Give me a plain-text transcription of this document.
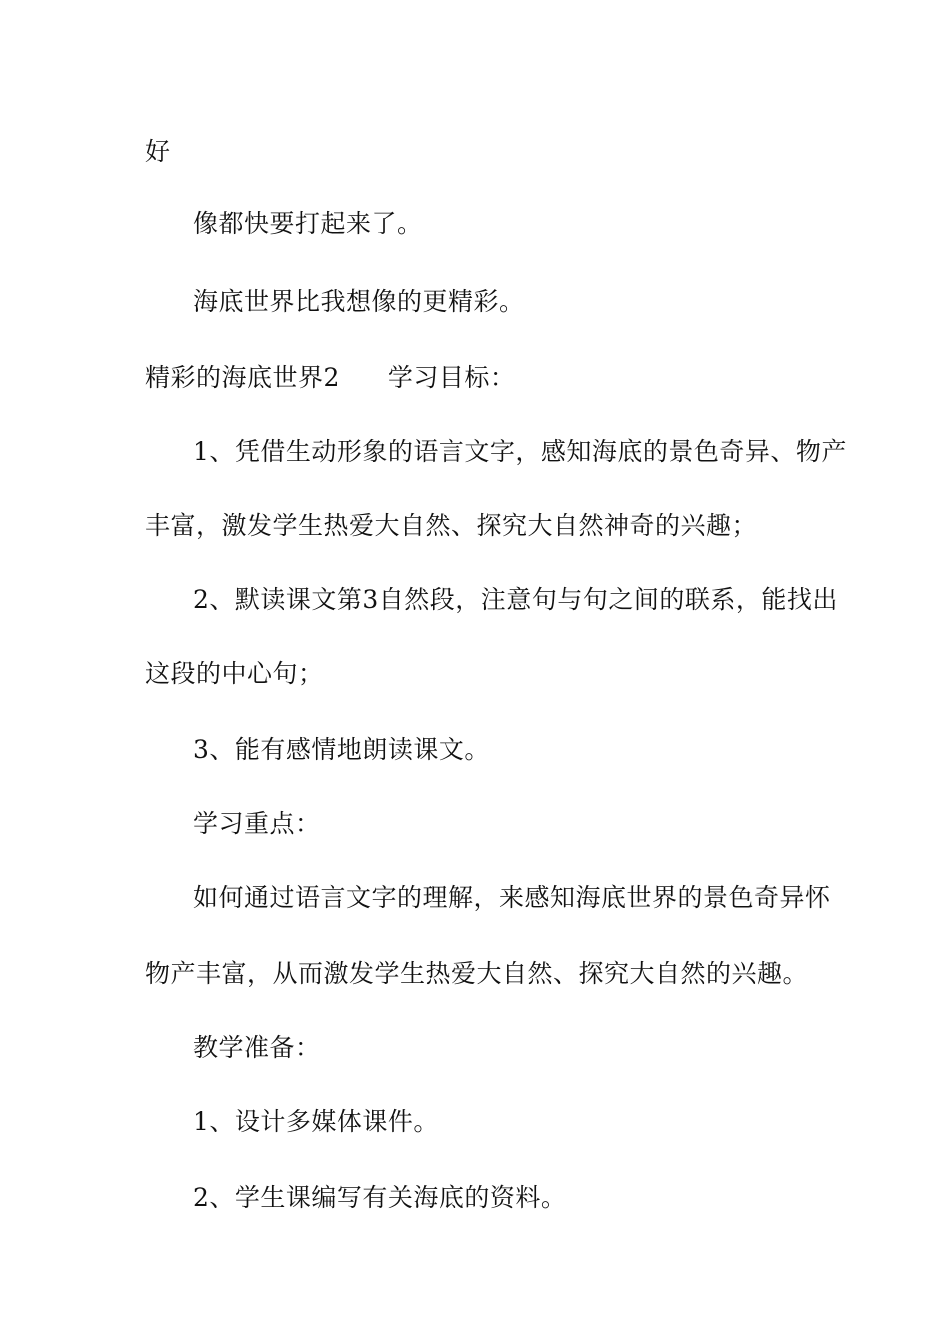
好
像都快要打起来了。
海底世界比我想像的更精彩。
精彩的海底世界2 学习目标：
1、凭借生动形象的语言文字，感知海底的景色奇异、物产
丰富，激发学生热爱大自然、探究大自然神奇的兴趣；
2、默读课文第3自然段，注意句与句之间的联系，能找出
这段的中心句；
3、能有感情地朗读课文。
学习重点：
如何通过语言文字的理解，来感知海底世界的景色奇异怀
物产丰富，从而激发学生热爱大自然、探究大自然的兴趣。
教学准备：
1、设计多媒体课件。
2、学生课编写有关海底的资料。
